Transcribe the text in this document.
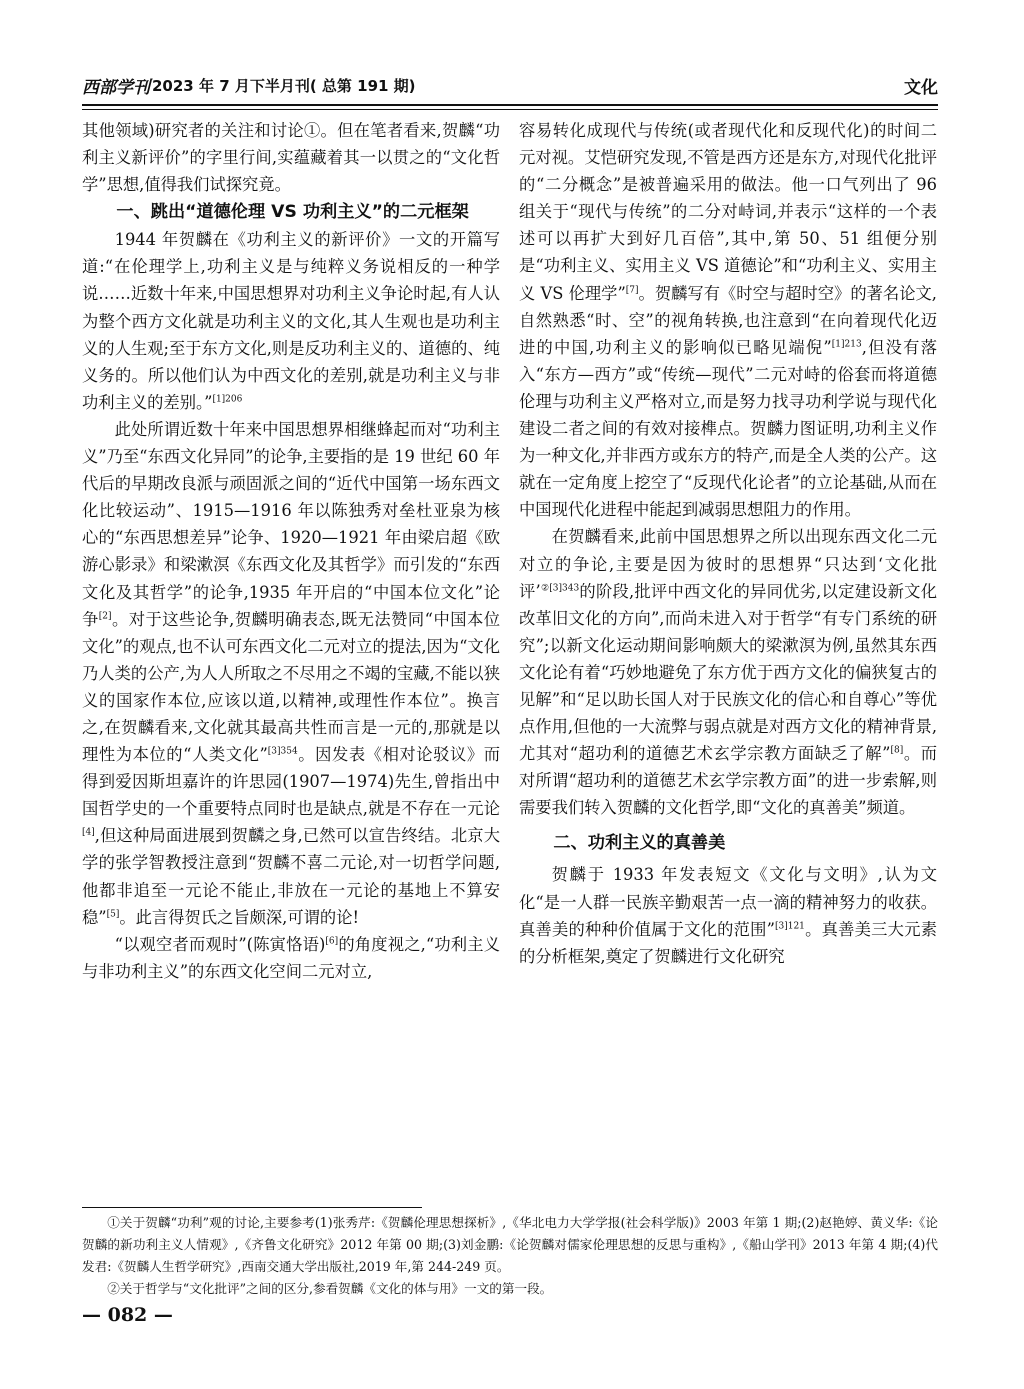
西部学刊 2023 年 7 月下半月刊( 总第 191 期)	文化

其他领域)研究者的关注和讨论①。但在笔者看来,贺麟“功利主义新评价”的字里行间,实蕴藏着其一以贯之的“文化哲学”思想,值得我们试探究竟。

一、跳出“道德伦理 VS 功利主义”的二元框架

1944 年贺麟在《功利主义的新评价》一文的开篇写道:“在伦理学上,功利主义是与纯粹义务说相反的一种学说……近数十年来,中国思想界对功利主义争论时起,有人认为整个西方文化就是功利主义的文化,其人生观也是功利主义的人生观;至于东方文化,则是反功利主义的、道德的、纯义务的。所以他们认为中西文化的差别,就是功利主义与非功利主义的差别。”$^{[1]206}$

此处所谓近数十年来中国思想界相继蜂起而对“功利主义”乃至“东西文化异同”的论争,主要指的是 19 世纪 60 年代后的早期改良派与顽固派之间的“近代中国第一场东西文化比较运动”、1915—1916 年以陈独秀对垒杜亚泉为核心的“东西思想差异”论争、1920—1921 年由梁启超《欧游心影录》和梁漱溟《东西文化及其哲学》而引发的“东西文化及其哲学”的论争,1935 年开启的“中国本位文化”论争[2]。对于这些论争,贺麟明确表态,既无法赞同“中国本位文化”的观点,也不认可东西文化二元对立的提法,因为“文化乃人类的公产,为人人所取之不尽用之不竭的宝藏,不能以狭义的国家作本位,应该以道,以精神,或理性作本位”。换言之,在贺麟看来,文化就其最高共性而言是一元的,那就是以理性为本位的“人类文化”$^{[3]354}$。因发表《相对论驳议》而得到爱因斯坦嘉许的许思园(1907—1974)先生,曾指出中国哲学史的一个重要特点同时也是缺点,就是不存在一元论[4],但这种局面进展到贺麟之身,已然可以宣告终结。北京大学的张学智教授注意到“贺麟不喜二元论,对一切哲学问题,他都非追至一元论不能止,非放在一元论的基地上不算安稳”[5]。此言得贺氏之旨颇深,可谓的论!

“以观空者而观时”(陈寅恪语)[6]的角度视之,“功利主义与非功利主义”的东西文化空间二元对立,

容易转化成现代与传统(或者现代化和反现代化)的时间二元对视。艾恺研究发现,不管是西方还是东方,对现代化批评的“二分概念”是被普遍采用的做法。他一口气列出了 96 组关于“现代与传统”的二分对峙词,并表示“这样的一个表述可以再扩大到好几百倍”,其中,第 50、51 组便分别是“功利主义、实用主义 VS 道德论”和“功利主义、实用主义 VS 伦理学”[7]。贺麟写有《时空与超时空》的著名论文,自然熟悉“时、空”的视角转换,也注意到“在向着现代化迈进的中国,功利主义的影响似已略见端倪”$^{[1]213}$,但没有落入“东方—西方”或“传统—现代”二元对峙的俗套而将道德伦理与功利主义严格对立,而是努力找寻功利学说与现代化建设二者之间的有效对接榫点。贺麟力图证明,功利主义作为一种文化,并非西方或东方的特产,而是全人类的公产。这就在一定角度上挖空了“反现代化论者”的立论基础,从而在中国现代化进程中能起到减弱思想阻力的作用。

在贺麟看来,此前中国思想界之所以出现东西文化二元对立的争论,主要是因为彼时的思想界“只达到‘文化批评’$^{②[3]343}$的阶段,批评中西文化的异同优劣,以定建设新文化改革旧文化的方向”,而尚未进入对于哲学“有专门系统的研究”;以新文化运动期间影响颇大的梁漱溟为例,虽然其东西文化论有着“巧妙地避免了东方优于西方文化的偏狭复古的见解”和“足以助长国人对于民族文化的信心和自尊心”等优点作用,但他的一大流弊与弱点就是对西方文化的精神背景,尤其对“超功利的道德艺术玄学宗教方面缺乏了解”[8]。而对所谓“超功利的道德艺术玄学宗教方面”的进一步索解,则需要我们转入贺麟的文化哲学,即“文化的真善美”频道。

二、功利主义的真善美

贺麟于 1933 年发表短文《文化与文明》,认为文化“是一人群一民族辛勤艰苦一点一滴的精神努力的收获。真善美的种种价值属于文化的范围”$^{[3]121}$。真善美三大元素的分析框架,奠定了贺麟进行文化研究

①关于贺麟“功利”观的讨论,主要参考(1)张秀芹:《贺麟伦理思想探析》,《华北电力大学学报(社会科学版)》2003 年第 1 期;(2)赵艳婷、黄义华:《论贺麟的新功利主义人情观》,《齐鲁文化研究》2012 年第 00 期;(3)刘金鹏:《论贺麟对儒家伦理思想的反思与重构》,《船山学刊》2013 年第 4 期;(4)代发君:《贺麟人生哲学研究》,西南交通大学出版社,2019 年,第 244-249 页。

②关于哲学与“文化批评”之间的区分,参看贺麟《文化的体与用》一文的第一段。

— 082 —
